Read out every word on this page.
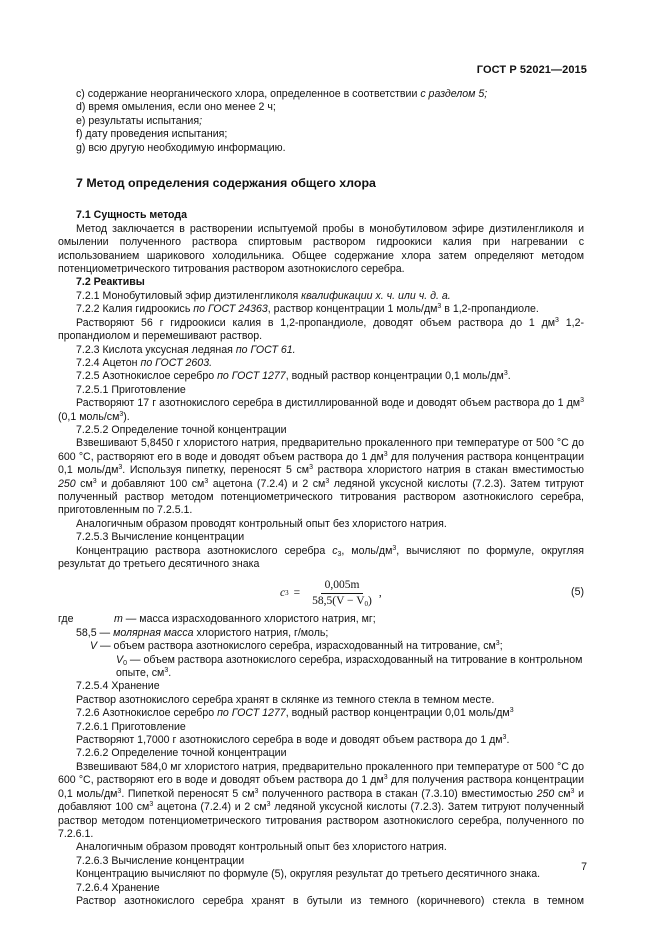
ГОСТ Р 52021—2015

c) содержание неорганического хлора, определенное в соответствии с разделом 5;

d) время омыления, если оно менее 2 ч;

e) результаты испытания;

f) дату проведения испытания;

g) всю другую необходимую информацию.

7 Метод определения содержания общего хлора
7.1 Сущность метода

Метод заключается в растворении испытуемой пробы в монобутиловом эфире диэтиленгликоля и омылении полученного раствора спиртовым раствором гидроокиси калия при нагревании с использованием шарикового холодильника. Общее содержание хлора затем определяют методом потенциометрического титрования раствором азотнокислого серебра.

7.2 Реактивы

7.2.1 Монобутиловый эфир диэтиленгликоля квалификации х. ч. или ч. д. а.

7.2.2 Калия гидроокись по ГОСТ 24363, раствор концентрации 1 моль/$дм^3$ в 1,2-пропандиоле.

Растворяют 56 г гидроокиси калия в 1,2-пропандиоле, доводят объем раствора до 1 $дм^3$ 1,2-пропандиолом и перемешивают раствор.

7.2.3 Кислота уксусная ледяная по ГОСТ 61.

7.2.4 Ацетон по ГОСТ 2603.

7.2.5 Азотнокислое серебро по ГОСТ 1277, водный раствор концентрации 0,1 моль/$дм^3$.

7.2.5.1 Приготовление

Растворяют 17 г азотнокислого серебра в дистиллированной воде и доводят объем раствора до 1 $дм^3$ (0,1 моль/$см^3$).

7.2.5.2 Определение точной концентрации

Взвешивают 5,8450 г хлористого натрия, предварительно прокаленного при температуре от 500 °С до 600 °С, растворяют его в воде и доводят объем раствора до 1 $дм^3$ для получения раствора концентрации 0,1 моль/$дм^3$. Используя пипетку, переносят 5 $см^3$ раствора хлористого натрия в стакан вместимостью 250 $см^3$ и добавляют 100 $см^3$ ацетона (7.2.4) и 2 $см^3$ ледяной уксусной кислоты (7.2.3). Затем титруют полученный раствор методом потенциометрического титрования раствором азотнокислого серебра, приготовленным по 7.2.5.1.

Аналогичным образом проводят контрольный опыт без хлористого натрия.

7.2.5.3 Вычисление концентрации

Концентрацию раствора азотнокислого серебра $c_3$, моль/$дм^3$, вычисляют по формуле, округляя результат до третьего десятичного знака

c $3 = \frac{0,005m}{58,5(V - V_0)}$ ,	(5)
где	m — масса израсходованного хлористого натрия, мг;

58,5 — молярная масса хлористого натрия, г/моль;

V — объем раствора азотнокислого серебра, израсходованный на титрование, $см^3$;

$V_0$ — объем раствора азотнокислого серебра, израсходованный на титрование в контрольном опыте, $см^3$.

7.2.5.4 Хранение

Раствор азотнокислого серебра хранят в склянке из темного стекла в темном месте.

7.2.6 Азотнокислое серебро по ГОСТ 1277, водный раствор концентрации 0,01 моль/$дм^3$

7.2.6.1 Приготовление

Растворяют 1,7000 г азотнокислого серебра в воде и доводят объем раствора до 1 $дм^3$.

7.2.6.2 Определение точной концентрации

Взвешивают 584,0 мг хлористого натрия, предварительно прокаленного при температуре от 500 °С до 600 °С, растворяют его в воде и доводят объем раствора до 1 $дм^3$ для получения раствора концентрации 0,1 моль/$дм^3$. Пипеткой переносят 5 $см^3$ полученного раствора в стакан (7.3.10) вместимостью 250 $см^3$ и добавляют 100 $см^3$ ацетона (7.2.4) и 2 $см^3$ ледяной уксусной кислоты (7.2.3). Затем титруют полученный раствор методом потенциометрического титрования раствором азотнокислого серебра, полученного по 7.2.6.1.

Аналогичным образом проводят контрольный опыт без хлористого натрия.

7.2.6.3 Вычисление концентрации

Концентрацию вычисляют по формуле (5), округляя результат до третьего десятичного знака.

7.2.6.4 Хранение

Раствор азотнокислого серебра хранят в бутыли из темного (коричневого) стекла в темном

7
